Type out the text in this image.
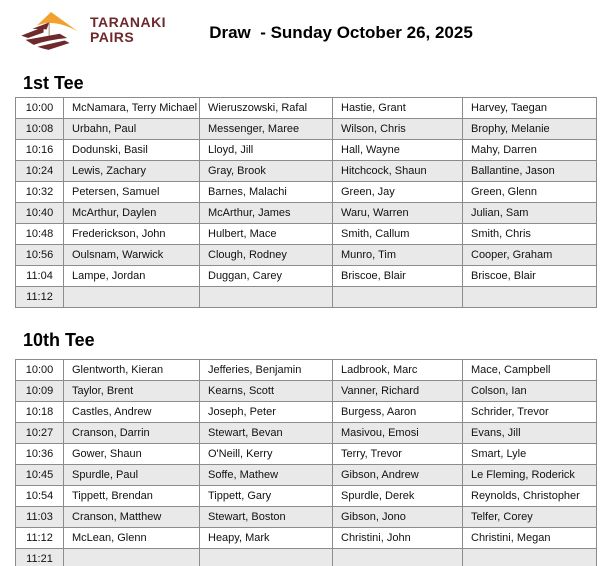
TARANAKI
PAIRS	Draw  - Sunday October 26, 2025
1st Tee
10:00	McNamara, Terry Michael	Wieruszowski, Rafal	Hastie, Grant	Harvey, Taegan
10:08	Urbahn, Paul	Messenger, Maree	Wilson, Chris	Brophy, Melanie
10:16	Dodunski, Basil	Lloyd, Jill	Hall, Wayne	Mahy, Darren
10:24	Lewis, Zachary	Gray, Brook	Hitchcock, Shaun	Ballantine, Jason
10:32	Petersen, Samuel	Barnes, Malachi	Green, Jay	Green, Glenn
10:40	McArthur, Daylen	McArthur, James	Waru, Warren	Julian, Sam
10:48	Frederickson, John	Hulbert, Mace	Smith, Callum	Smith, Chris
10:56	Oulsnam, Warwick	Clough, Rodney	Munro, Tim	Cooper, Graham
11:04	Lampe, Jordan	Duggan, Carey	Briscoe, Blair	Briscoe, Blair
11:12				
10th Tee
10:00	Glentworth, Kieran	Jefferies, Benjamin	Ladbrook, Marc	Mace, Campbell
10:09	Taylor, Brent	Kearns, Scott	Vanner, Richard	Colson, Ian
10:18	Castles, Andrew	Joseph, Peter	Burgess, Aaron	Schrider, Trevor
10:27	Cranson, Darrin	Stewart, Bevan	Masivou, Emosi	Evans, Jill
10:36	Gower, Shaun	O'Neill, Kerry	Terry, Trevor	Smart, Lyle
10:45	Spurdle, Paul	Soffe, Mathew	Gibson, Andrew	Le Fleming, Roderick
10:54	Tippett, Brendan	Tippett, Gary	Spurdle, Derek	Reynolds, Christopher
11:03	Cranson, Matthew	Stewart, Boston	Gibson, Jono	Telfer, Corey
11:12	McLean, Glenn	Heapy, Mark	Christini, John	Christini, Megan
11:21				
